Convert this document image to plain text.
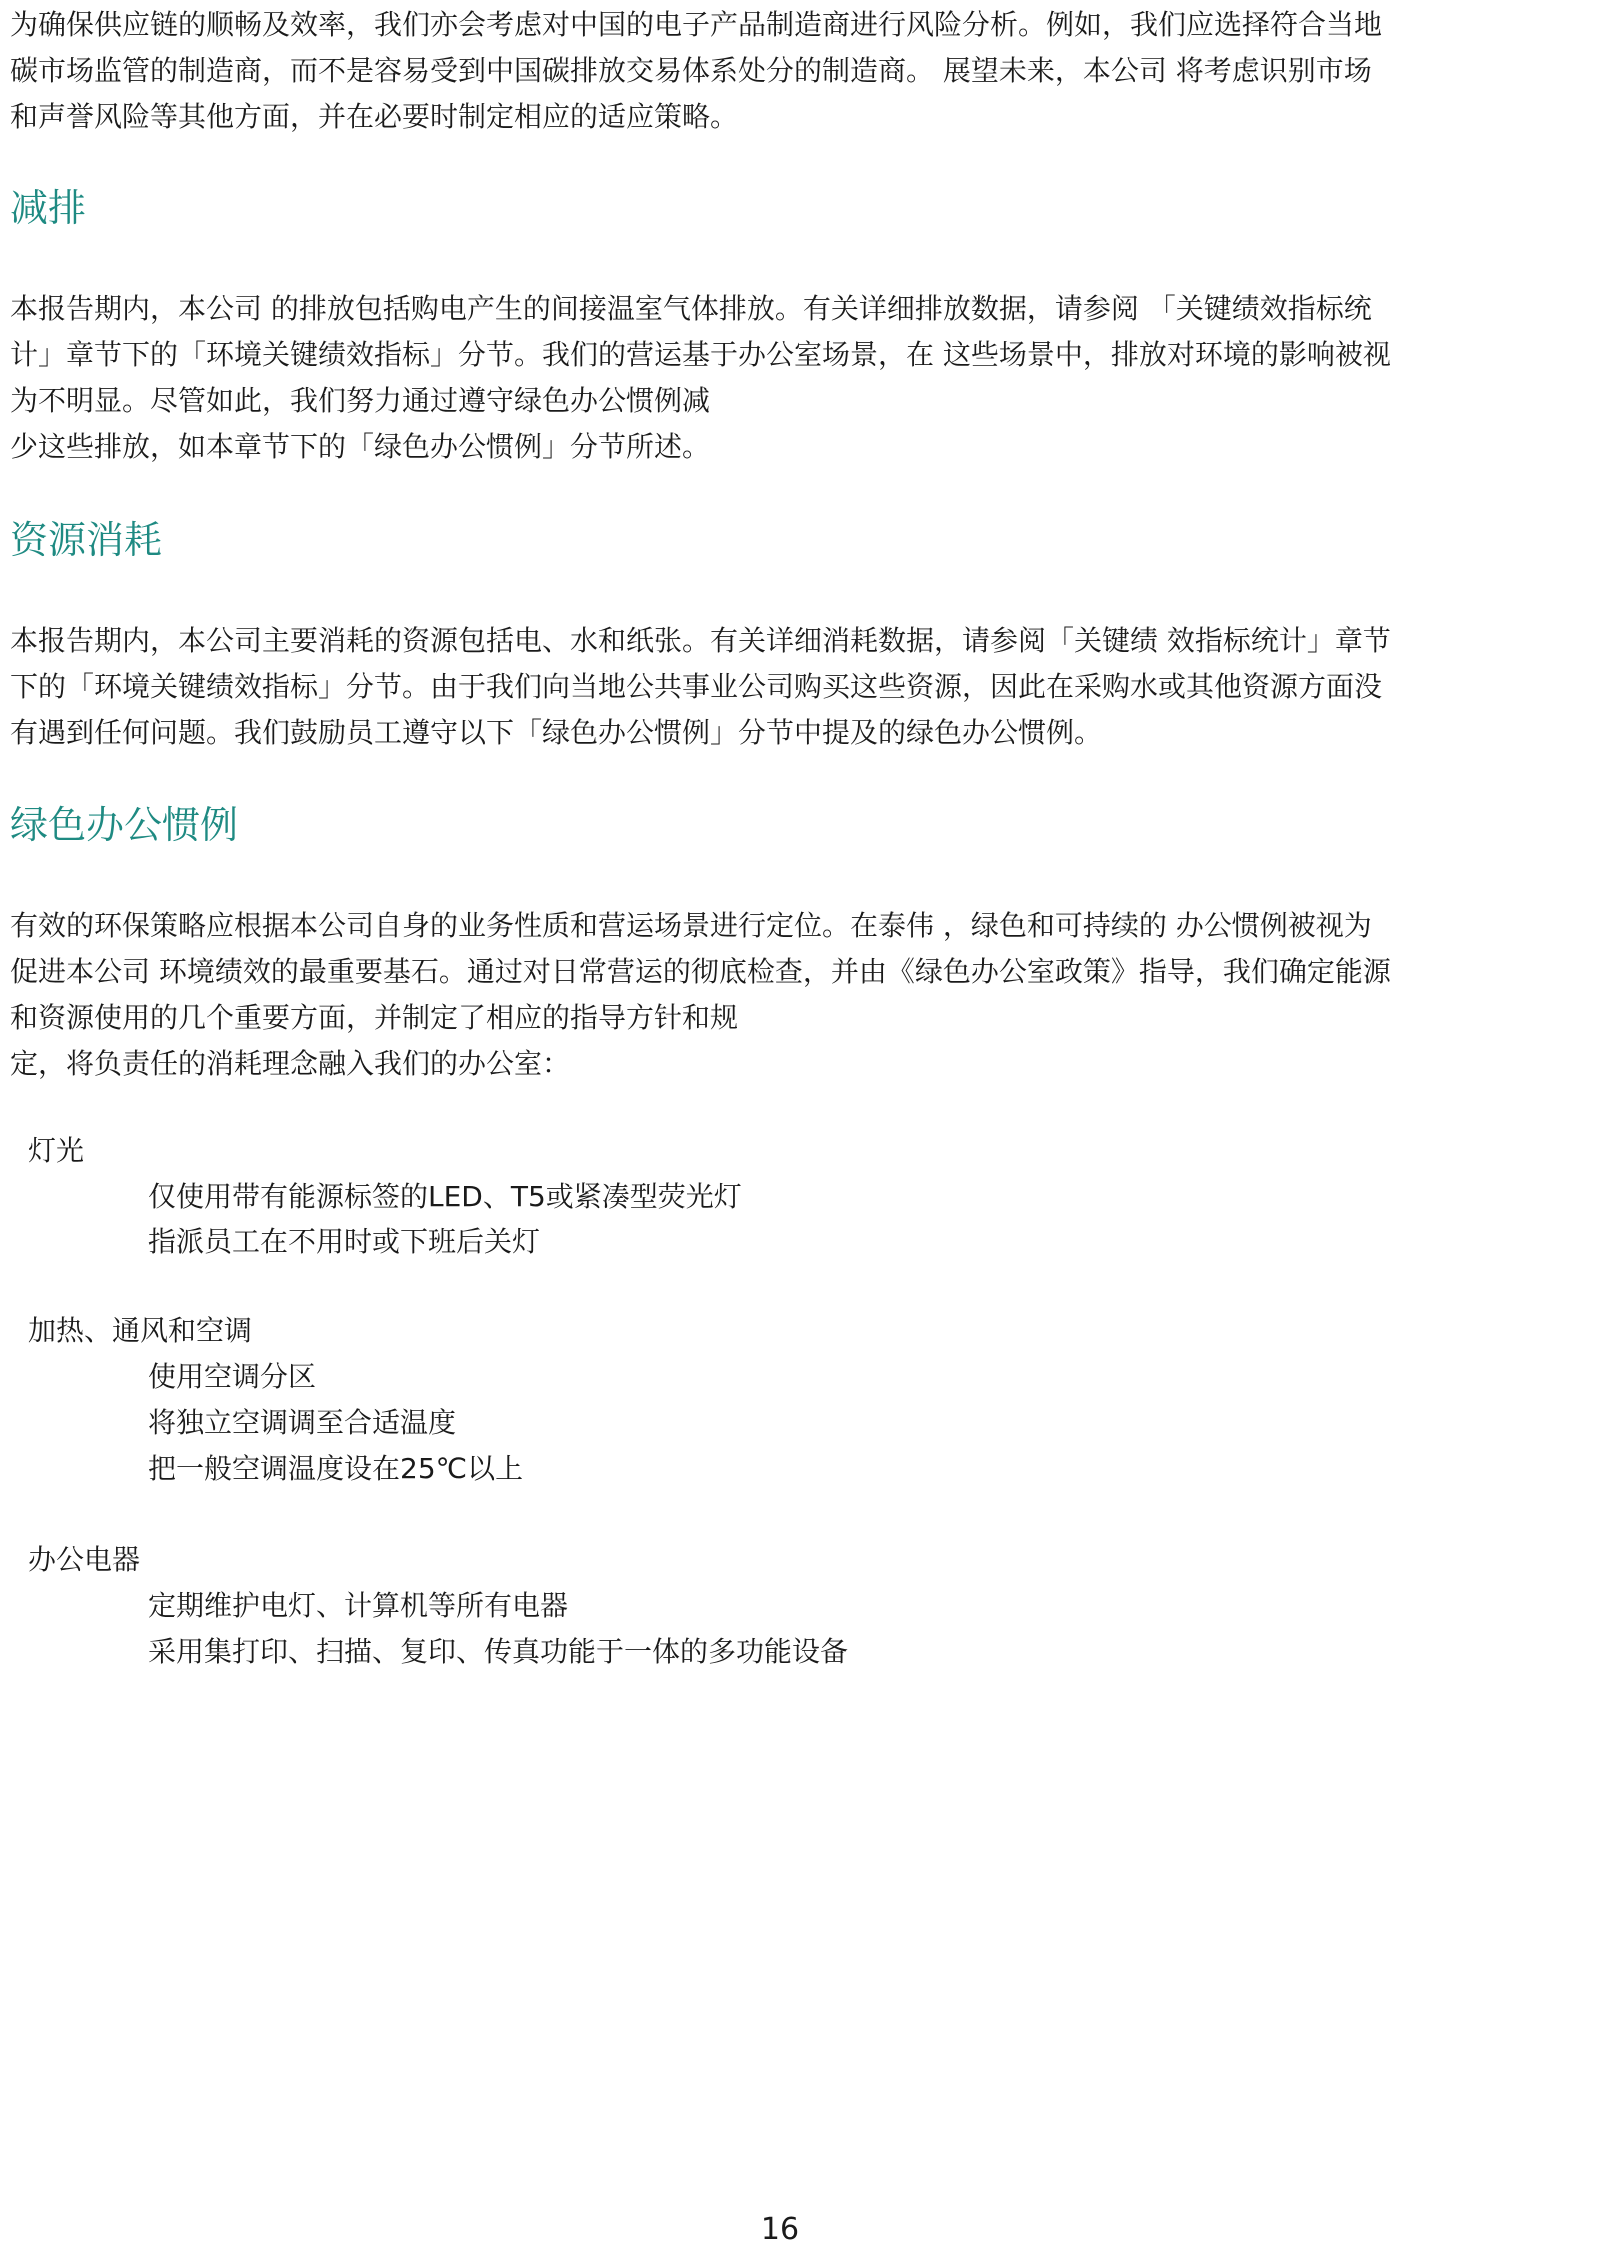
为确保供应链的顺畅及效率，我们亦会考虑对中国的电子产品制造商进行风险分析。例如，我们应选择符合当地
碳市场监管的制造商，而不是容易受到中国碳排放交易体系处分的制造商。 展望未来，本公司 将考虑识别市场
和声誉风险等其他方面，并在必要时制定相应的适应策略。

减排

本报告期内，本公司 的排放包括购电产生的间接温室气体排放。有关详细排放数据，请参阅 「关键绩效指标统
计」章节下的「环境关键绩效指标」分节。我们的营运基于办公室场景，在 这些场景中，排放对环境的影响被视
为不明显。尽管如此，我们努力通过遵守绿色办公惯例减
少这些排放，如本章节下的「绿色办公惯例」分节所述。

资源消耗

本报告期内，本公司主要消耗的资源包括电、水和纸张。有关详细消耗数据，请参阅「关键绩 效指标统计」章节
下的「环境关键绩效指标」分节。由于我们向当地公共事业公司购买这些资源，因此在采购水或其他资源方面没
有遇到任何问题。我们鼓励员工遵守以下「绿色办公惯例」分节中提及的绿色办公惯例。

绿色办公惯例

有效的环保策略应根据本公司自身的业务性质和营运场景进行定位。在泰伟 ，绿色和可持续的 办公惯例被视为
促进本公司 环境绩效的最重要基石。通过对日常营运的彻底检查，并由《绿色办公室政策》指导，我们确定能源
和资源使用的几个重要方面，并制定了相应的指导方针和规
定，将负责任的消耗理念融入我们的办公室：

灯光

仅使用带有能源标签的LED、T5或紧凑型荧光灯

指派员工在不用时或下班后关灯

加热、通风和空调

使用空调分区

将独立空调调至合适温度

把一般空调温度设在25℃以上

办公电器

定期维护电灯、计算机等所有电器

采用集打印、扫描、复印、传真功能于一体的多功能设备

16
